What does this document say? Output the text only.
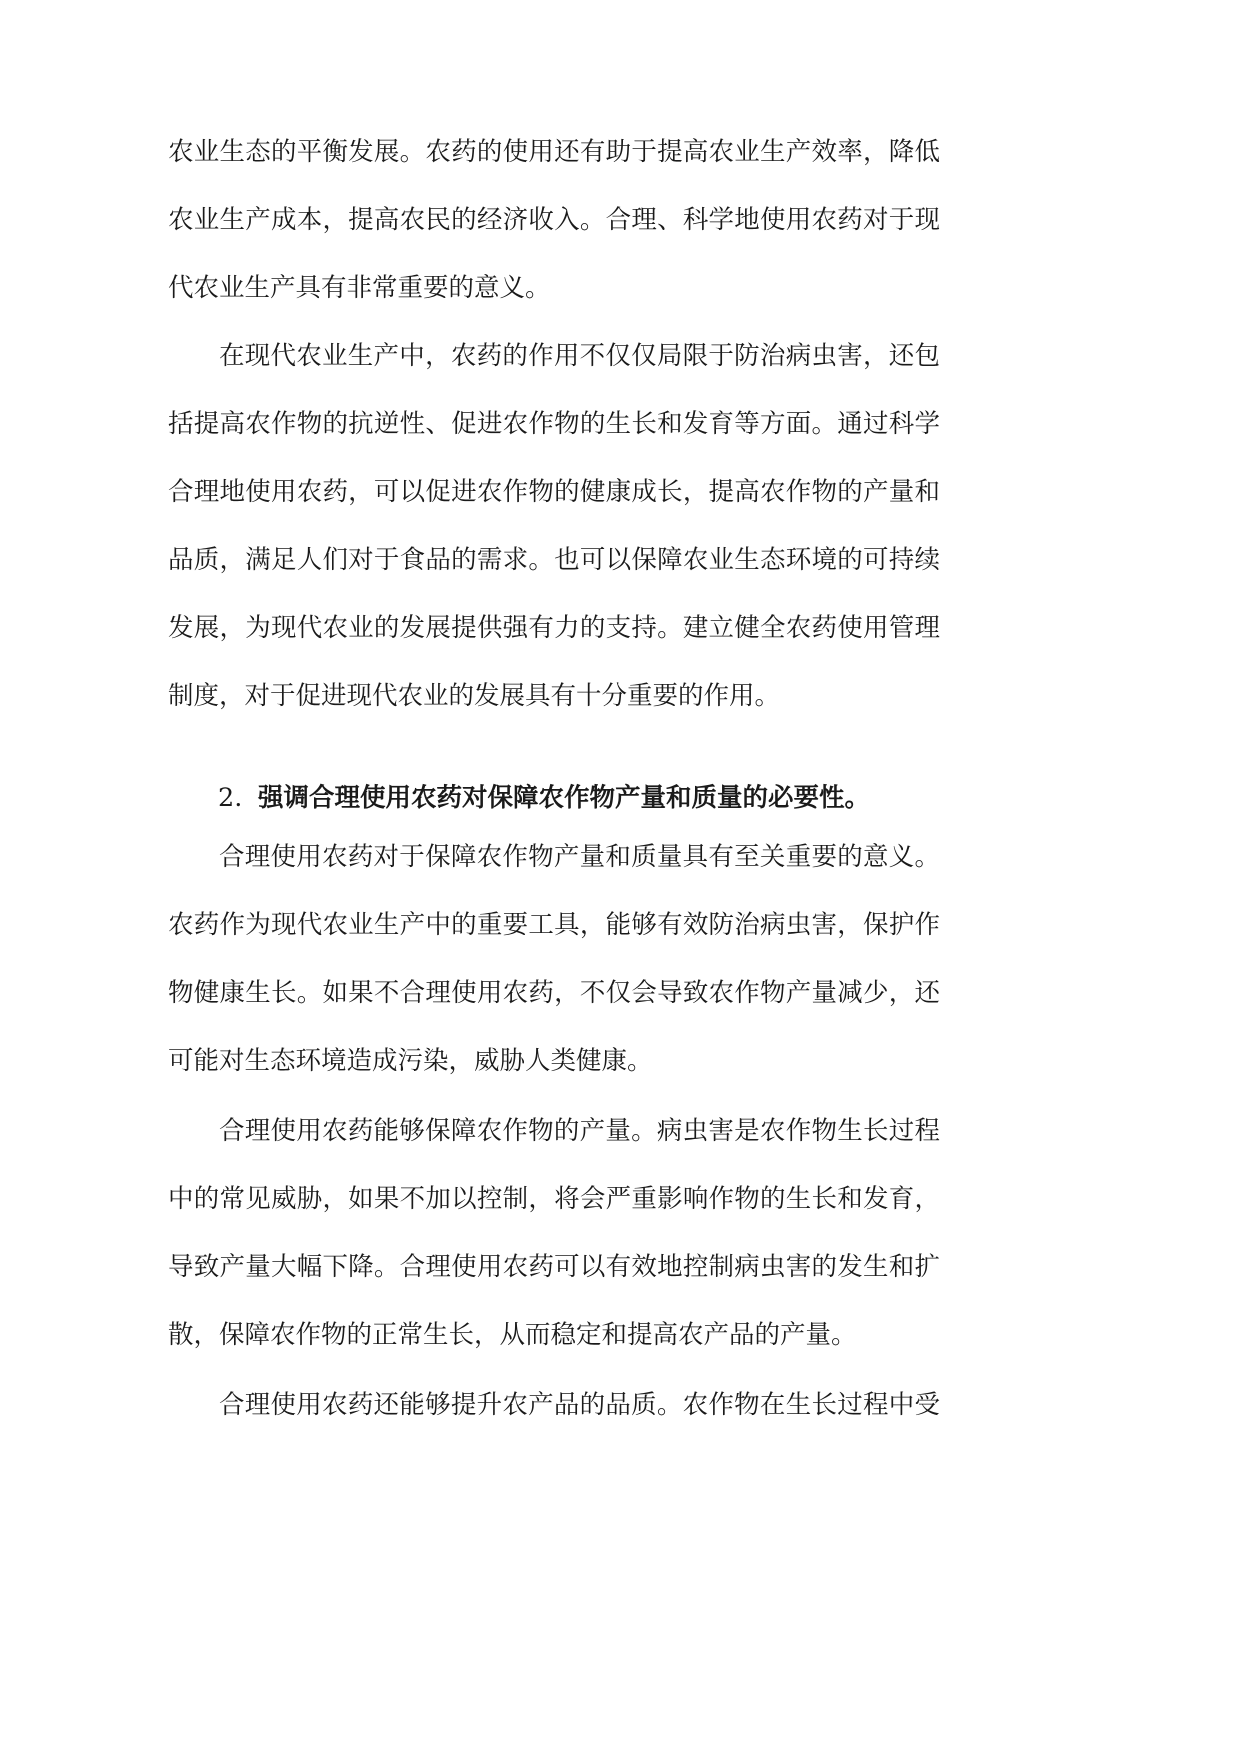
农业生态的平衡发展。农药的使用还有助于提高农业生产效率，降低
农业生产成本，提高农民的经济收入。合理、科学地使用农药对于现
代农业生产具有非常重要的意义。
在现代农业生产中，农药的作用不仅仅局限于防治病虫害，还包
括提高农作物的抗逆性、促进农作物的生长和发育等方面。通过科学
合理地使用农药，可以促进农作物的健康成长，提高农作物的产量和
品质，满足人们对于食品的需求。也可以保障农业生态环境的可持续
发展，为现代农业的发展提供强有力的支持。建立健全农药使用管理
制度，对于促进现代农业的发展具有十分重要的作用。
2. 强调合理使用农药对保障农作物产量和质量的必要性。
合理使用农药对于保障农作物产量和质量具有至关重要的意义。
农药作为现代农业生产中的重要工具，能够有效防治病虫害，保护作
物健康生长。如果不合理使用农药，不仅会导致农作物产量减少，还
可能对生态环境造成污染，威胁人类健康。
合理使用农药能够保障农作物的产量。病虫害是农作物生长过程
中的常见威胁，如果不加以控制，将会严重影响作物的生长和发育，
导致产量大幅下降。合理使用农药可以有效地控制病虫害的发生和扩
散，保障农作物的正常生长，从而稳定和提高农产品的产量。
合理使用农药还能够提升农产品的品质。农作物在生长过程中受
